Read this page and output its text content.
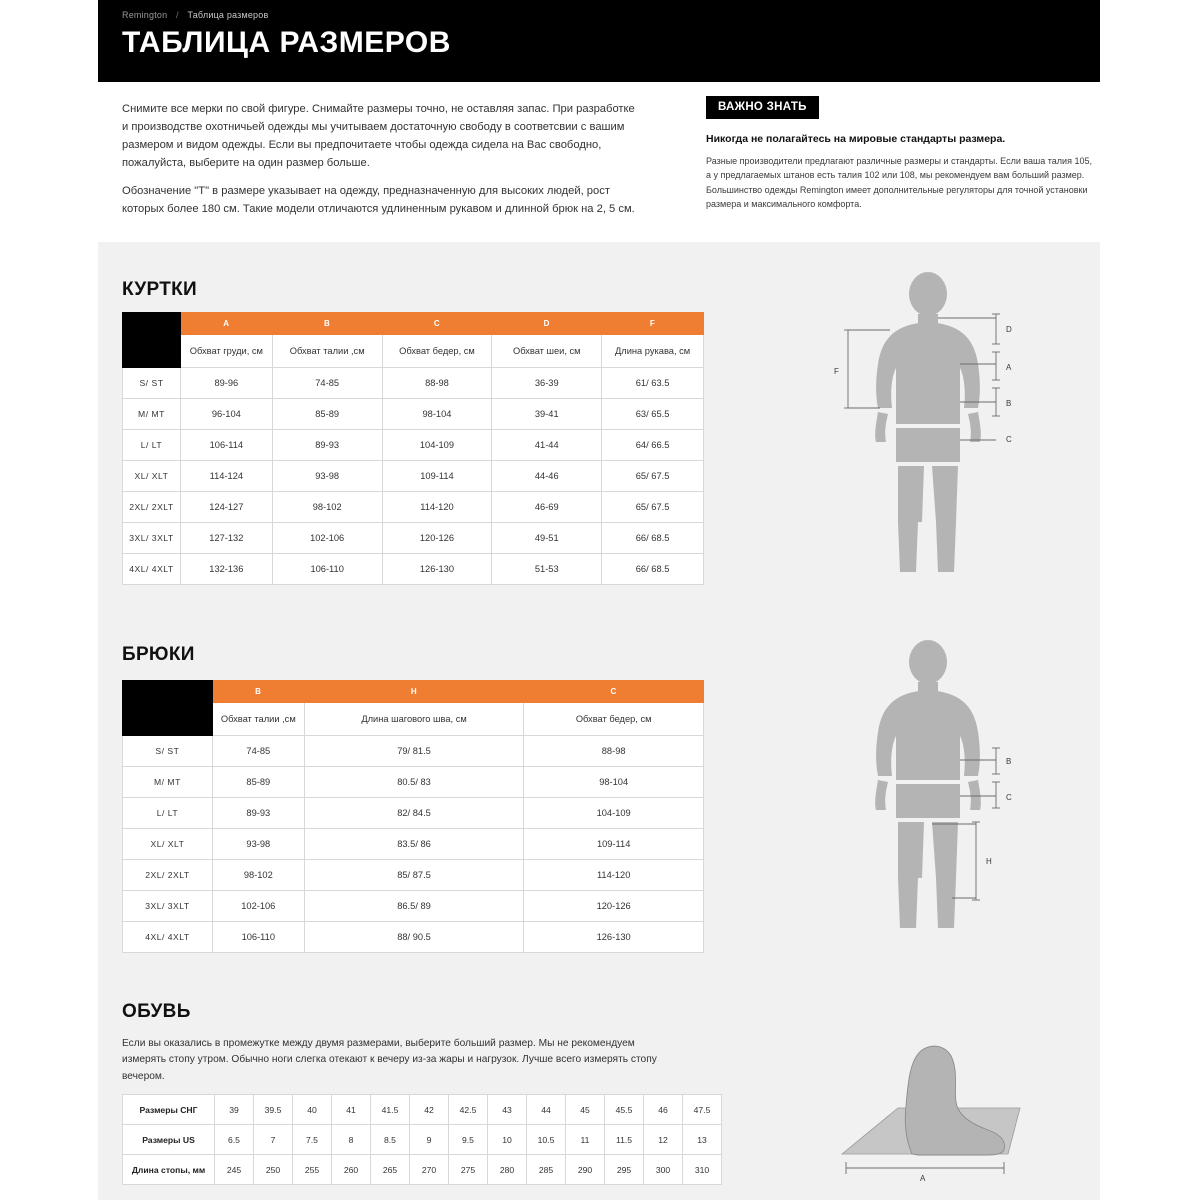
Remington / Таблица размеров
ТАБЛИЦА РАЗМЕРОВ

Снимите все мерки по свой фигуре. Снимайте размеры точно, не оставляя запас. При разработке и производстве охотничьей одежды мы учитываем достаточную свободу в соответсвии с вашим размером и видом одежды. Если вы предпочитаете чтобы одежда сидела на Вас свободно, пожалуйста, выберите на один размер больше.

Обозначение "Т" в размере указывает на одежду, предназначенную для высоких людей, рост которых более 180 см. Такие модели отличаются удлиненным рукавом и длинной брюк на 2, 5 см.

ВАЖНО ЗНАТЬ
Никогда не полагайтесь на мировые стандарты размера.
Разные производители предлагают различные размеры и стандарты. Если ваша талия 105, а у предлагаемых штанов есть талия 102 или 108, мы рекомендуем вам больший размер. Большинство одежды Remington имеет дополнительные регуляторы для точной установки размера и максимального комфорта.
КУРТКИ
	A	B	C	D	F
	Обхват груди, см	Обхват талии ,см	Обхват бедер, см	Обхват шеи, см	Длина рукава, см
S/ ST	89-96	74-85	88-98	36-39	61/ 63.5
M/ MT	96-104	85-89	98-104	39-41	63/ 65.5
L/ LT	106-114	89-93	104-109	41-44	64/ 66.5
XL/ XLT	114-124	93-98	109-114	44-46	65/ 67.5
2XL/ 2XLT	124-127	98-102	114-120	46-69	65/ 67.5
3XL/ 3XLT	127-132	102-106	120-126	49-51	66/ 68.5
4XL/ 4XLT	132-136	106-110	126-130	51-53	66/ 68.5
D
A
B
C
F
БРЮКИ
	B	H	C
	Обхват талии ,см	Длина шагового шва, см	Обхват бедер, см
S/ ST	74-85	79/ 81.5	88-98
M/ MT	85-89	80.5/ 83	98-104
L/ LT	89-93	82/ 84.5	104-109
XL/ XLT	93-98	83.5/ 86	109-114
2XL/ 2XLT	98-102	85/ 87.5	114-120
3XL/ 3XLT	102-106	86.5/ 89	120-126
4XL/ 4XLT	106-110	88/ 90.5	126-130
B
C
H
ОБУВЬ
Если вы оказались в промежутке между двумя размерами, выберите больший размер. Мы не рекомендуем измерять стопу утром. Обычно ноги слегка отекают к вечеру из-за жары и нагрузок. Лучше всего измерять стопу вечером.
Размеры СНГ	39	39.5	40	41	41.5	42	42.5	43	44	45	45.5	46	47.5
Размеры US	6.5	7	7.5	8	8.5	9	9.5	10	10.5	11	11.5	12	13
Длина стопы, мм	245	250	255	260	265	270	275	280	285	290	295	300	310
A
